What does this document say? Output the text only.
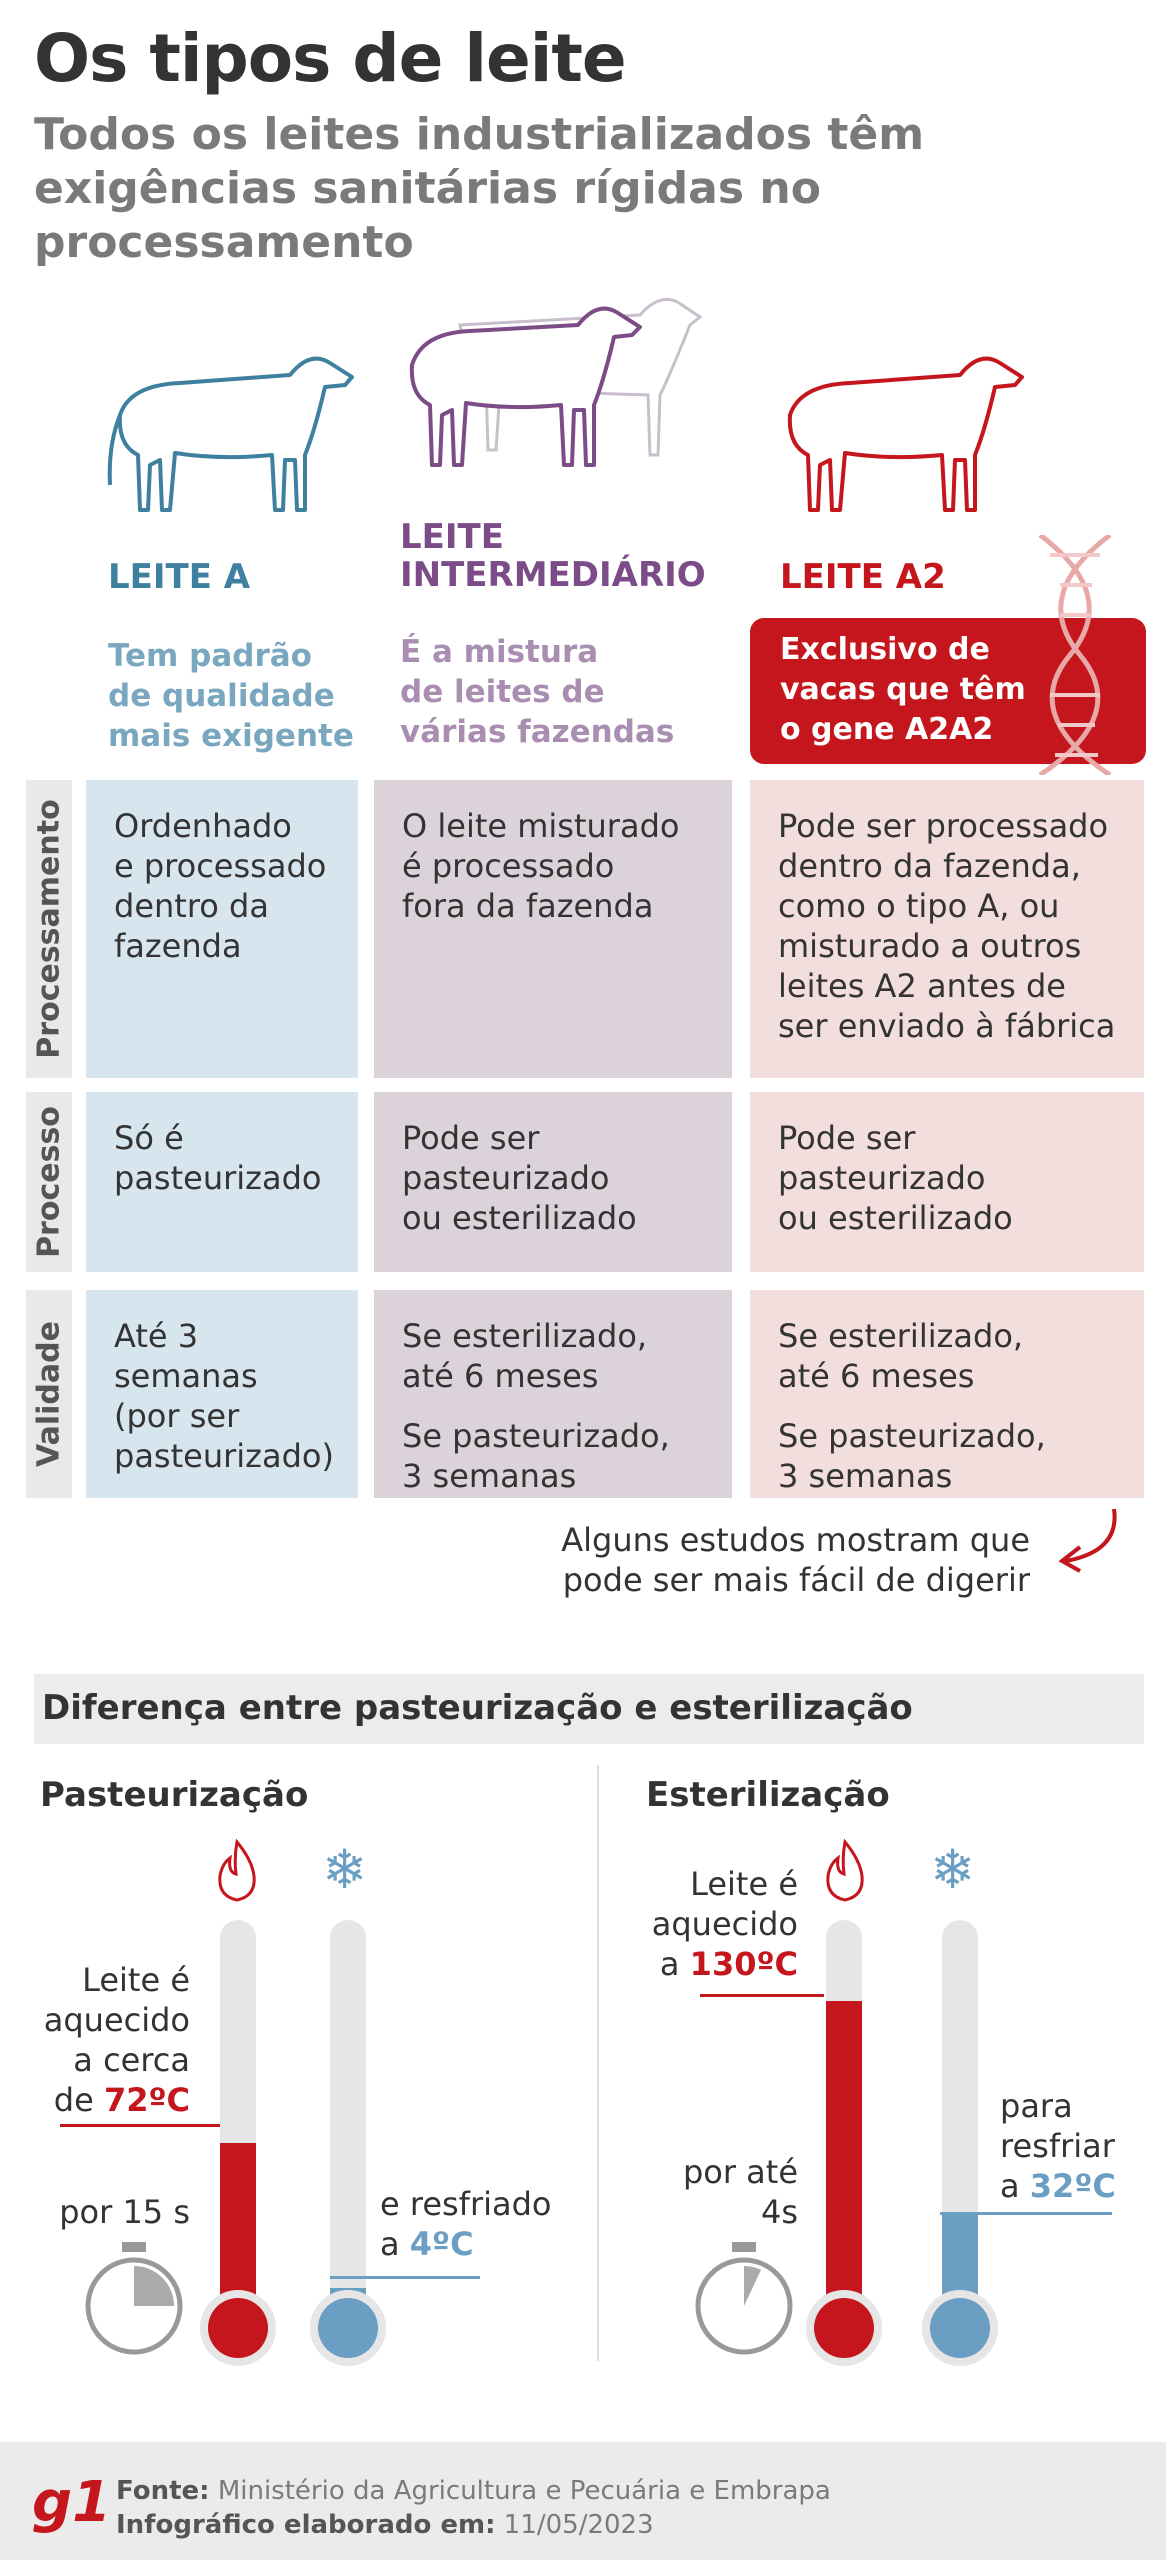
Os tipos de leite
Todos os leites industrializados têm exigências sanitárias rígidas no processamento
LEITE A
LEITE
INTERMEDIÁRIO LEITE A2
Tem padrão
de qualidade
mais exigente
É a mistura
de leites de
várias fazendas
Exclusivo de
vacas que têm
o gene A2A2
Processamento Ordenhado
e processado
dentro da
fazenda

O leite misturado
é processado
fora da fazenda

Pode ser processado
dentro da fazenda,
como o tipo A, ou
misturado a outros
leites A2 antes de
ser enviado à fábrica

Processo Só é
pasteurizado

Pode ser
pasteurizado
ou esterilizado

Pode ser
pasteurizado
ou esterilizado

Validade Até 3 semanas
(por ser
pasteurizado)

Se esterilizado,
até 6 meses

Se pasteurizado,
3 semanas

Se esterilizado,
até 6 meses

Se pasteurizado,
3 semanas

Alguns estudos mostram que
pode ser mais fácil de digerir
Diferença entre pasteurização e esterilização
Pasteurização	Esterilização
❄
Leite é
aquecido
a cerca
de 72ºC
por 15 s	e resfriado
a 4ºC
❄
Leite é
aquecido
a 130ºC
por até 4s
para
resfriar
a 32ºC
g1 Fonte: Ministério da Agricultura e Pecuária e Embrapa
Infográfico elaborado em: 11/05/2023
